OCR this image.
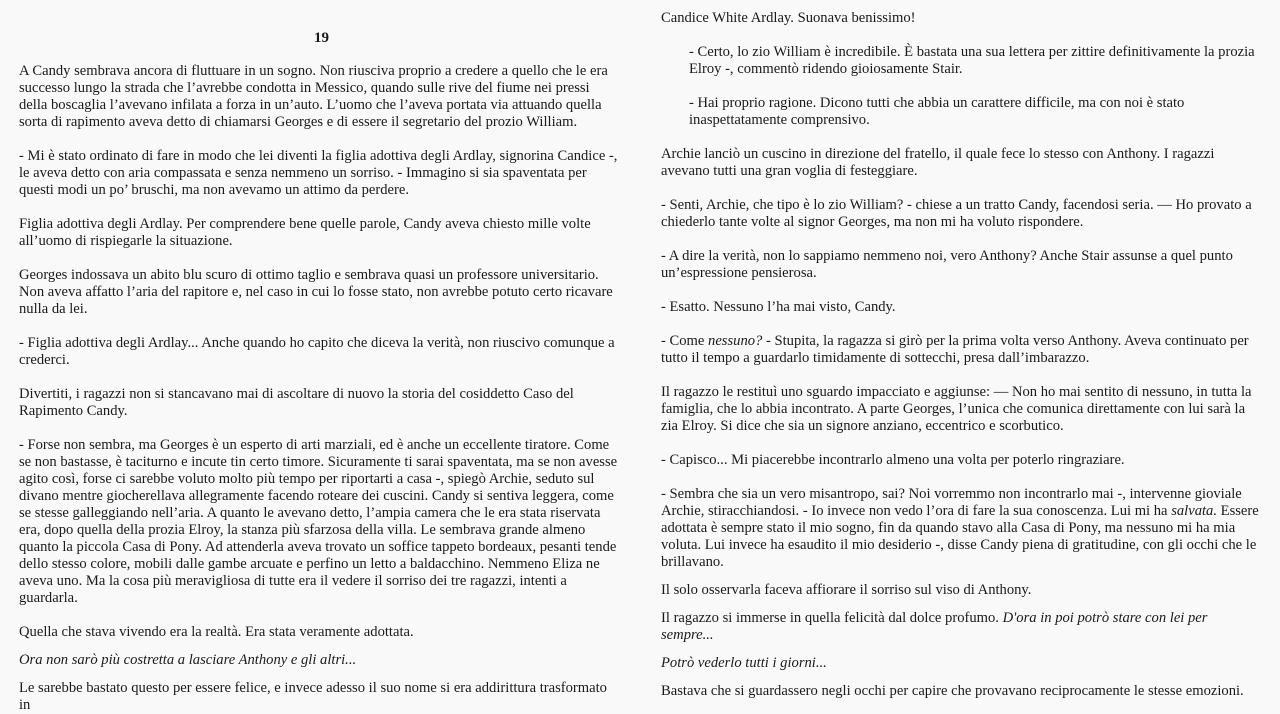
19

A Candy sembrava ancora di fluttuare in un sogno. Non riusciva proprio a credere a quello che le era successo lungo la strada che l’avrebbe condotta in Messico, quando sulle rive del fiume nei pressi della boscaglia l’avevano infilata a forza in un’auto. L’uomo che l’aveva portata via attuando quella sorta di rapimento aveva detto di chiamarsi Georges e di essere il segretario del prozio William.

- Mi è stato ordinato di fare in modo che lei diventi la figlia adottiva degli Ardlay, signorina Candice -, le aveva detto con aria compassata e senza nemmeno un sorriso. - Immagino si sia spaventata per questi modi un po’ bruschi, ma non avevamo un attimo da perdere.

Figlia adottiva degli Ardlay. Per comprendere bene quelle parole, Candy aveva chiesto mille volte all’uomo di rispiegarle la situazione.

Georges indossava un abito blu scuro di ottimo taglio e sembrava quasi un professore universitario. Non aveva affatto l’aria del rapitore e, nel caso in cui lo fosse stato, non avrebbe potuto certo ricavare nulla da lei.

- Figlia adottiva degli Ardlay... Anche quando ho capito che diceva la verità, non riuscivo comunque a crederci.

Divertiti, i ragazzi non si stancavano mai di ascoltare di nuovo la storia del cosiddetto Caso del Rapimento Candy.

- Forse non sembra, ma Georges è un esperto di arti marziali, ed è anche un eccellente tiratore. Come se non bastasse, è taciturno e incute tin certo timore. Sicuramente ti sarai spaventata, ma se non avesse agito così, forse ci sarebbe voluto molto più tempo per riportarti a casa -, spiegò Archie, seduto sul divano mentre giocherellava allegramente facendo roteare dei cuscini. Candy si sentiva leggera, come se stesse galleggiando nell’aria. A quanto le avevano detto, l’ampia camera che le era stata riservata era, dopo quella della prozia Elroy, la stanza più sfarzosa della villa. Le sembrava grande almeno quanto la piccola Casa di Pony. Ad attenderla aveva trovato un soffice tappeto bordeaux, pesanti tende dello stesso colore, mobili dalle gambe arcuate e perfino un letto a baldacchino. Nemmeno Eliza ne aveva uno. Ma la cosa più meravigliosa di tutte era il vedere il sorriso dei tre ragazzi, intenti a guardarla.

Quella che stava vivendo era la realtà. Era stata veramente adottata.

Ora non sarò più costretta a lasciare Anthony e gli altri...

Le sarebbe bastato questo per essere felice, e invece adesso il suo nome si era addirittura trasformato in

Candice White Ardlay. Suonava benissimo!

- Certo, lo zio William è incredibile. È bastata una sua lettera per zittire definitivamente la prozia Elroy -, commentò ridendo gioiosamente Stair.

- Hai proprio ragione. Dicono tutti che abbia un carattere difficile, ma con noi è stato inaspettatamente comprensivo.

Archie lanciò un cuscino in direzione del fratello, il quale fece lo stesso con Anthony. I ragazzi avevano tutti una gran voglia di festeggiare.

- Senti, Archie, che tipo è lo zio William? - chiese a un tratto Candy, facendosi seria. — Ho provato a chiederlo tante volte al signor Georges, ma non mi ha voluto rispondere.

- A dire la verità, non lo sappiamo nemmeno noi, vero Anthony? Anche Stair assunse a quel punto un’espressione pensierosa.

- Esatto. Nessuno l’ha mai visto, Candy.

- Come nessuno? - Stupita, la ragazza si girò per la prima volta verso Anthony. Aveva continuato per tutto il tempo a guardarlo timidamente di sottecchi, presa dall’imbarazzo.

Il ragazzo le restituì uno sguardo impacciato e aggiunse: — Non ho mai sentito di nessuno, in tutta la famiglia, che lo abbia incontrato. A parte Georges, l’unica che comunica direttamente con lui sarà la zia Elroy. Si dice che sia un signore anziano, eccentrico e scorbutico.

- Capisco... Mi piacerebbe incontrarlo almeno una volta per poterlo ringraziare.

- Sembra che sia un vero misantropo, sai? Noi vorremmo non incontrarlo mai -, intervenne gioviale Archie, stiracchiandosi. - Io invece non vedo l’ora di fare la sua conoscenza. Lui mi ha salvata. Essere adottata è sempre stato il mio sogno, fin da quando stavo alla Casa di Pony, ma nessuno mi ha mia voluta. Lui invece ha esaudito il mio desiderio -, disse Candy piena di gratitudine, con gli occhi che le brillavano.

Il solo osservarla faceva affiorare il sorriso sul viso di Anthony.

Il ragazzo si immerse in quella felicità dal dolce profumo. D'ora in poi potrò stare con lei per sempre...

Potrò vederlo tutti i giorni...

Bastava che si guardassero negli occhi per capire che provavano reciprocamente le stesse emozioni.
